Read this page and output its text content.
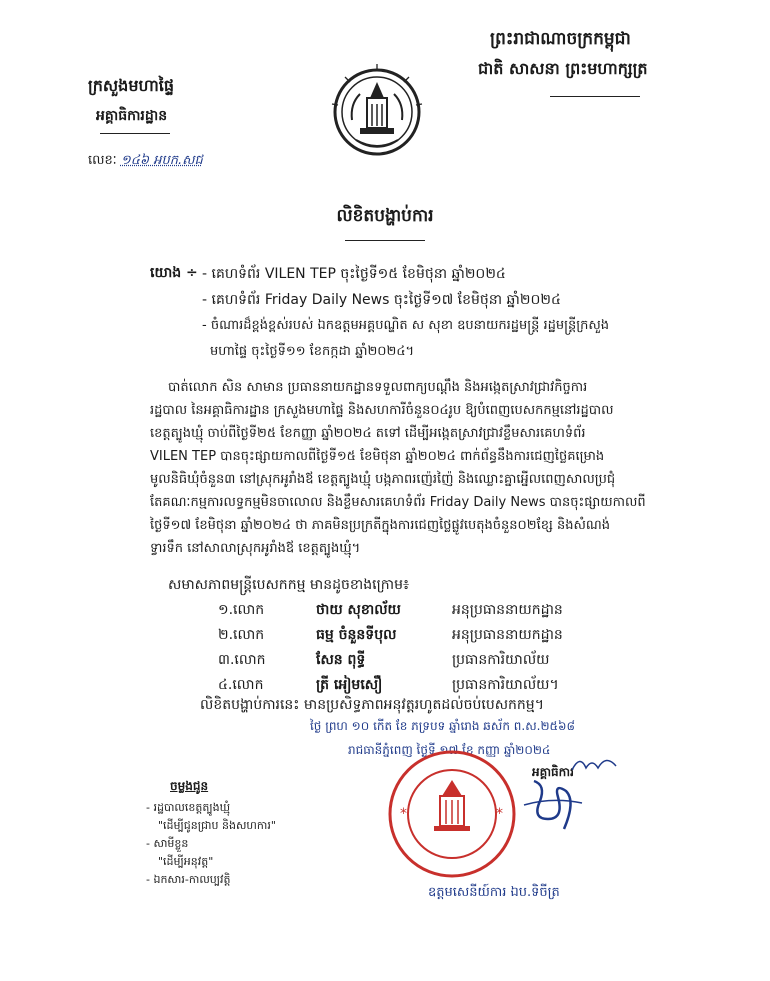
ព្រះរាជាណាចក្រកម្ពុជា
ជាតិ សាសនា ព្រះមហាក្សត្រ
ក្រសួងមហាផ្ទៃ
អគ្គាធិការដ្ឋាន
លេខៈ ១៤៦ ឣបក.សជ
លិខិតបង្ហាប់ការ
យោង ÷ - គេហទំព័រ VILEN TEP ចុះថ្ងៃទី១៥ ខែមិថុនា ឆ្នាំ២០២៤
- គេហទំព័រ Friday Daily News ចុះថ្ងៃទី១៧ ខែមិថុនា ឆ្នាំ២០២៤
- ចំណារដ៏ខ្ពង់ខ្ពស់របស់ ឯកឧត្តមអគ្គបណ្ឌិត ស សុខា ឧបនាយករដ្ឋមន្ត្រី រដ្ឋមន្ត្រីក្រសួង
មហាផ្ទៃ ចុះថ្ងៃទី១១ ខែកក្កដា ឆ្នាំ២០២៤។
បាត់លោក សិន សាមាន ប្រធាននាយកដ្ឋានទទួលពាក្យបណ្តឹង និងអង្កេតស្រាវជ្រាវកិច្ចការ
រដ្ឋបាល នៃអគ្គាធិការដ្ឋាន ក្រសួងមហាផ្ទៃ និងសហការីចំនួន០៤រូប ឱ្យបំពេញបេសកកម្មនៅរដ្ឋបាល
ខេត្តត្បូងឃ្មុំ ចាប់ពីថ្ងៃទី២៥ ខែកញ្ញា ឆ្នាំ២០២៤ តទៅ ដើម្បីអង្កេតស្រាវជ្រាវខ្លឹមសារគេហទំព័រ
VILEN TEP បានចុះផ្សាយកាលពីថ្ងៃទី១៥ ខែមិថុនា ឆ្នាំ២០២៤ ពាក់ព័ន្ធនឹងការជេញថ្លៃគម្រោង
មូលនិធិឃុំចំនួន៣ នៅស្រុកអូរាំងឪ ខេត្តត្បូងឃ្មុំ បង្កភាពរញ៉េរញ៉ៃ និងឈ្លោះគ្នាអ្នើលពេញសាលប្រជុំ
តែគណៈកម្មការលទ្ធកម្មមិនចាលោល និងខ្លឹមសារគេហទំព័រ Friday Daily News បានចុះផ្សាយកាលពី
ថ្ងៃទី១៧ ខែមិថុនា ឆ្នាំ២០២៤ ថា ភាគមិនប្រក្រតីក្នុងការជេញថ្លៃផ្លូវបេតុងចំនួន០២ខ្សែ និងសំណង់
ទ្វារទឹក នៅសាលាស្រុកអូរាំងឪ ខេត្តត្បូងឃ្មុំ។
សមាសភាពមន្ត្រីបេសកកម្ម មានដូចខាងក្រោម៖
១.លោក	ថាយ សុខាល័យ	អនុប្រធាននាយកដ្ឋាន
២.លោក	ធម្ម ចំនួនទីបុល	អនុប្រធាននាយកដ្ឋាន
៣.លោក	សែន ពុទ្ធី	ប្រធានការិយាល័យ
៤.លោក	ត្រី អៀមសឿ	ប្រធានការិយាល័យ។
លិខិតបង្ហាប់ការនេះ មានប្រសិទ្ធភាពអនុវត្តរហូតដល់ចប់បេសកកម្ម។
ថ្ងៃ ព្រហ ១០ កើត ខែ ភទ្របទ ឆ្នាំរោង ឆស័ក ព.ស.២៥៦៨
រាជធានីភ្នំពេញ ថ្ងៃទី ១៧ ខែ កញ្ញា ឆ្នាំ២០២៤
អគ្គាធិការ
*	*
ឧត្តមសេនីយ៍ការ ឯប.ទិចីត្រ
ចម្លងជូន
- រដ្ឋបាលខេត្តត្បូងឃ្មុំ
"ដើម្បីជូនជ្រាប និងសហការ"
- សាមីខ្លួន
"ដើម្បីអនុវត្ត"
- ឯកសារ-កាលប្បវត្តិ
